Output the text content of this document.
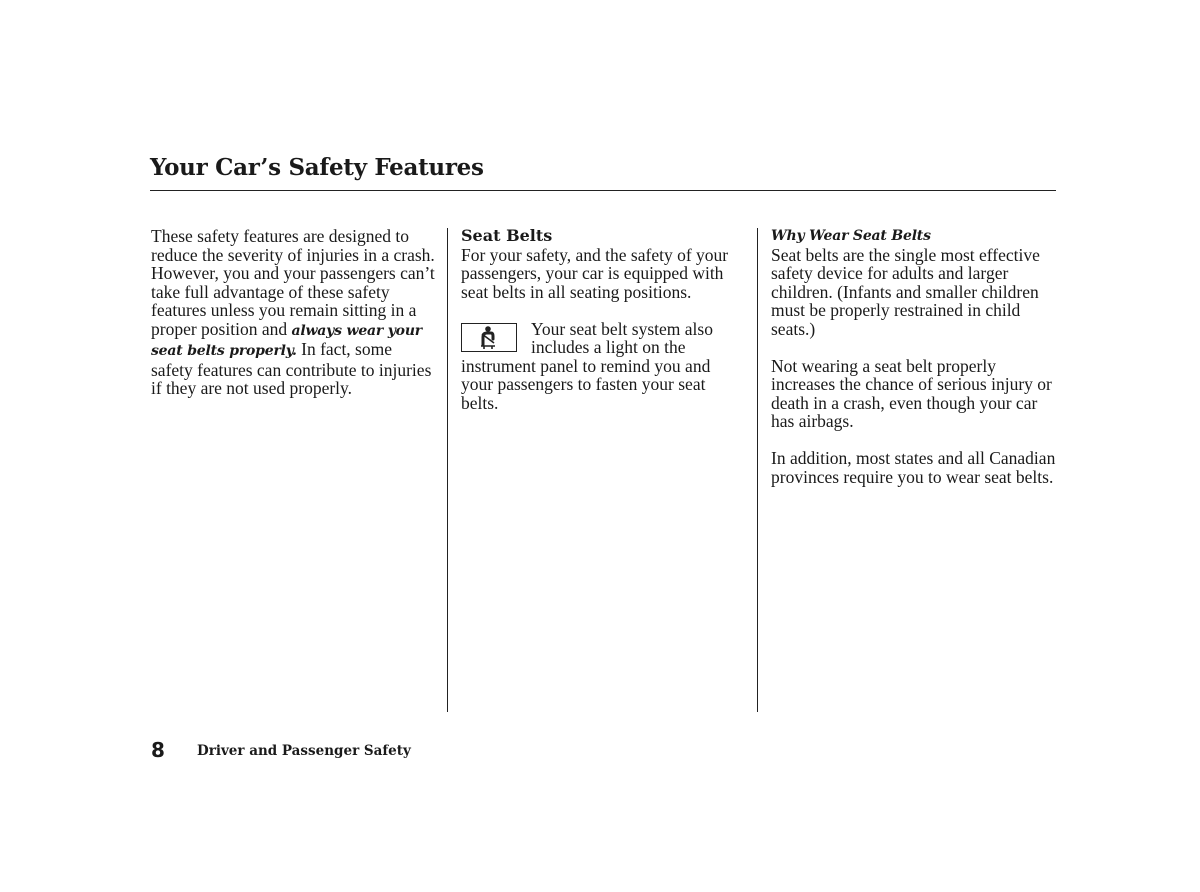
Your Car’s Safety Features

These safety features are designed to reduce the severity of injuries in a crash. However, you and your passengers can’t take full advantage of these safety features unless you remain sitting in a proper position and always wear your seat belts properly. In fact, some safety features can contribute to injuries if they are not used properly.

Seat Belts

For your safety, and the safety of your passengers, your car is equipped with seat belts in all seating positions.

Your seat belt system also includes a light on the instrument panel to remind you and your passengers to fasten your seat belts.

Why Wear Seat Belts

Seat belts are the single most effective safety device for adults and larger children. (Infants and smaller children must be properly restrained in child seats.)

Not wearing a seat belt properly increases the chance of serious injury or death in a crash, even though your car has airbags.

In addition, most states and all Canadian provinces require you to wear seat belts.

8 Driver and Passenger Safety
